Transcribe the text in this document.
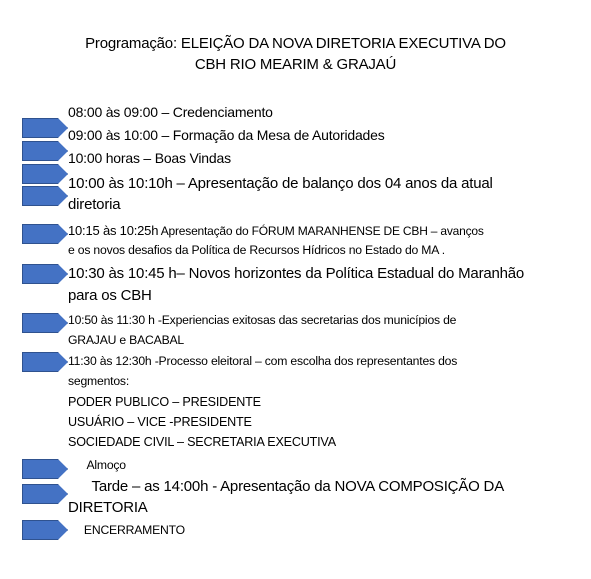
Programação: ELEIÇÃO DA NOVA DIRETORIA EXECUTIVA DO
CBH RIO MEARIM & GRAJAÚ
08:00 às 09:00 – Credenciamento
09:00 às 10:00 – Formação da Mesa de Autoridades
10:00 horas – Boas Vindas
10:00 às 10:10h – Apresentação de balanço dos 04 anos da atual
diretoria
10:15 às 10:25h Apresentação do FÓRUM MARANHENSE DE CBH – avanços
e os novos desafios da Política de Recursos Hídricos no Estado do MA .
10:30 às 10:45 h– Novos horizontes da Política Estadual do Maranhão
para os CBH
10:50 às 11:30 h -Experiencias exitosas das secretarias dos municípios de
GRAJAU e BACABAL
11:30 às 12:30h -Processo eleitoral – com escolha dos representantes dos
segmentos:
PODER PUBLICO – PRESIDENTE
USUÁRIO – VICE -PRESIDENTE
SOCIEDADE CIVIL – SECRETARIA EXECUTIVA
Almoço
Tarde – as 14:00h - Apresentação da NOVA COMPOSIÇÃO DA
DIRETORIA
ENCERRAMENTO
